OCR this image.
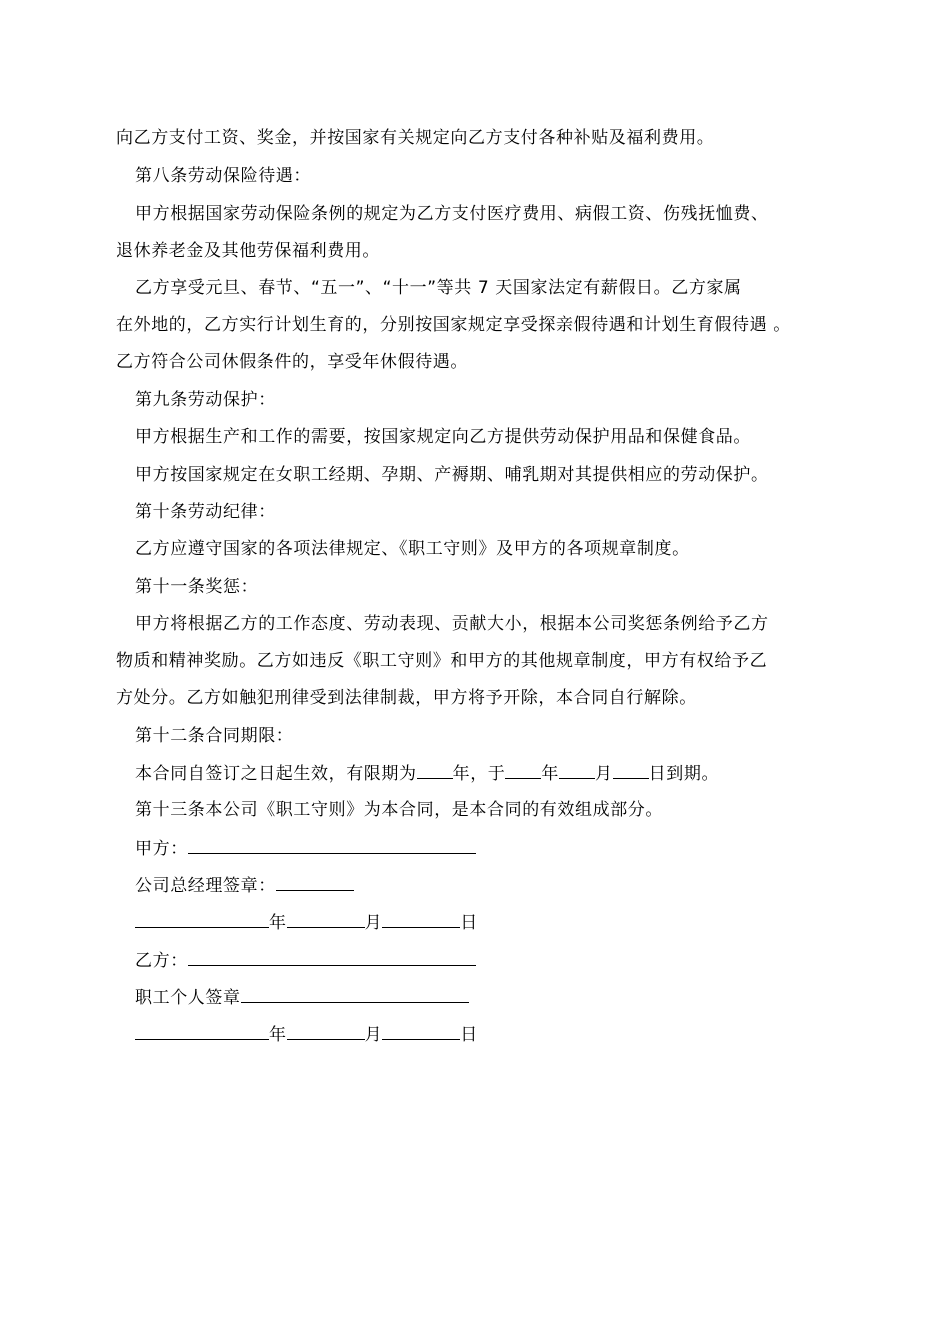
向乙方支付工资、奖金，并按国家有关规定向乙方支付各种补贴及福利费用。
第八条劳动保险待遇：
甲方根据国家劳动保险条例的规定为乙方支付医疗费用、病假工资、伤残抚恤费、
退休养老金及其他劳保福利费用。
乙方享受元旦、春节、“五一”、“十一”等共 7 天国家法定有薪假日。乙方家属
在外地的，乙方实行计划生育的，分别按国家规定享受探亲假待遇和计划生育假待遇 。
乙方符合公司休假条件的，享受年休假待遇。
第九条劳动保护：
甲方根据生产和工作的需要，按国家规定向乙方提供劳动保护用品和保健食品。
甲方按国家规定在女职工经期、孕期、产褥期、哺乳期对其提供相应的劳动保护。
第十条劳动纪律：
乙方应遵守国家的各项法律规定、《职工守则》及甲方的各项规章制度。
第十一条奖惩：
甲方将根据乙方的工作态度、劳动表现、贡献大小，根据本公司奖惩条例给予乙方
物质和精神奖励。乙方如违反《职工守则》和甲方的其他规章制度，甲方有权给予乙
方处分。乙方如触犯刑律受到法律制裁，甲方将予开除，本合同自行解除。
第十二条合同期限：
本合同自签订之日起生效，有限期为 年，于 年 月 日到期。
第十三条本公司《职工守则》为本合同，是本合同的有效组成部分。
甲方：
公司总经理签章：
年	月	日
乙方：
职工个人签章
年	月	日
